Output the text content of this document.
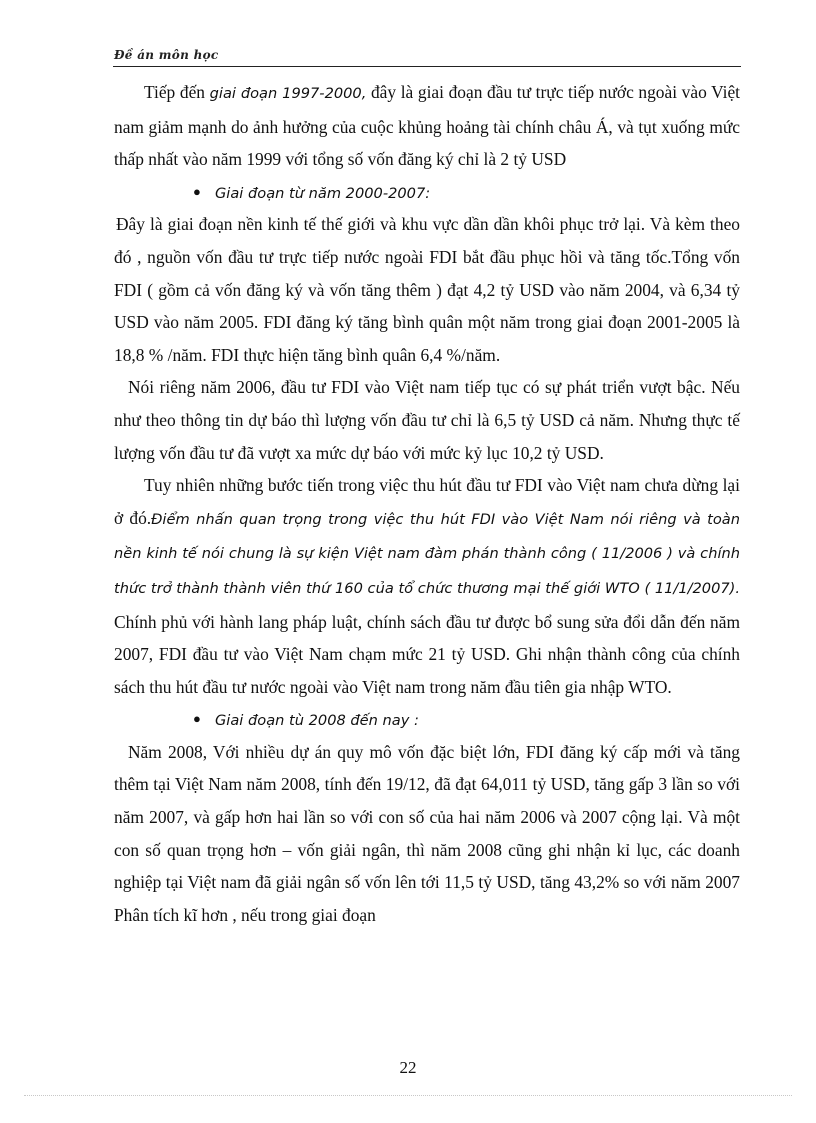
Đề án môn học

Tiếp đến giai đoạn 1997-2000, đây là giai đoạn đầu tư trực tiếp nước ngoài vào Việt nam giảm mạnh do ảnh hưởng của cuộc khủng hoảng tài chính châu Á, và tụt xuống mức thấp nhất vào năm 1999 với tổng số vốn đăng ký chỉ là 2 tỷ USD

● Giai đoạn từ năm 2000-2007:

Đây là giai đoạn nền kinh tế thế giới và khu vực dần dần khôi phục trở lại. Và kèm theo đó , nguồn vốn đầu tư trực tiếp nước ngoài FDI bắt đầu phục hồi và tăng tốc.Tổng vốn FDI ( gồm cả vốn đăng ký và vốn tăng thêm ) đạt 4,2 tỷ USD vào năm 2004, và 6,34 tỷ USD vào năm 2005. FDI đăng ký tăng bình quân một năm trong giai đoạn 2001-2005 là 18,8 % /năm. FDI thực hiện tăng bình quân 6,4 %/năm.

Nói riêng năm 2006, đầu tư FDI vào Việt nam tiếp tục có sự phát triển vượt bậc. Nếu như theo thông tin dự báo thì lượng vốn đầu tư chỉ là 6,5 tỷ USD cả năm. Nhưng thực tế lượng vốn đầu tư đã vượt xa mức dự báo với mức kỷ lục 10,2 tỷ USD.

Tuy nhiên những bước tiến trong việc thu hút đầu tư FDI vào Việt nam chưa dừng lại ở đó.Điểm nhấn quan trọng trong việc thu hút FDI vào Việt Nam nói riêng và toàn nền kinh tế nói chung là sự kiện Việt nam đàm phán thành công ( 11/2006 ) và chính thức trở thành thành viên thứ 160 của tổ chức thương mại thế giới WTO ( 11/1/2007). Chính phủ với hành lang pháp luật, chính sách đầu tư được bổ sung sửa đổi dẫn đến năm 2007, FDI đầu tư vào Việt Nam chạm mức 21 tỷ USD. Ghi nhận thành công của chính sách thu hút đầu tư nước ngoài vào Việt nam trong năm đầu tiên gia nhập WTO.

● Giai đoạn tù 2008 đến nay :

Năm 2008, Với nhiều dự án quy mô vốn đặc biệt lớn, FDI đăng ký cấp mới và tăng thêm tại Việt Nam năm 2008, tính đến 19/12, đã đạt 64,011 tỷ USD, tăng gấp 3 lần so với năm 2007, và gấp hơn hai lần so với con số của hai năm 2006 và 2007 cộng lại. Và một con số quan trọng hơn – vốn giải ngân, thì năm 2008 cũng ghi nhận kỉ lục, các doanh nghiệp tại Việt nam đã giải ngân số vốn lên tới 11,5 tỷ USD, tăng 43,2% so với năm 2007 Phân tích kĩ hơn , nếu trong giai đoạn

22
